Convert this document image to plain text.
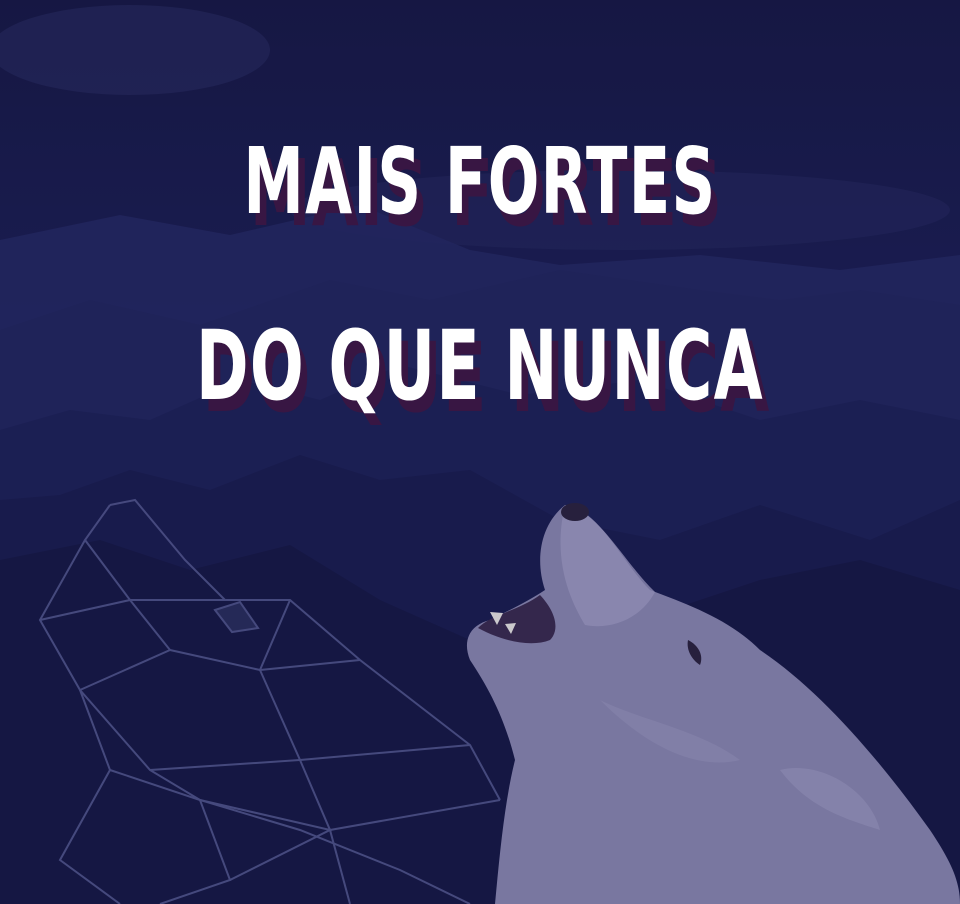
MAIS FORTES
DO QUE NUNCA
